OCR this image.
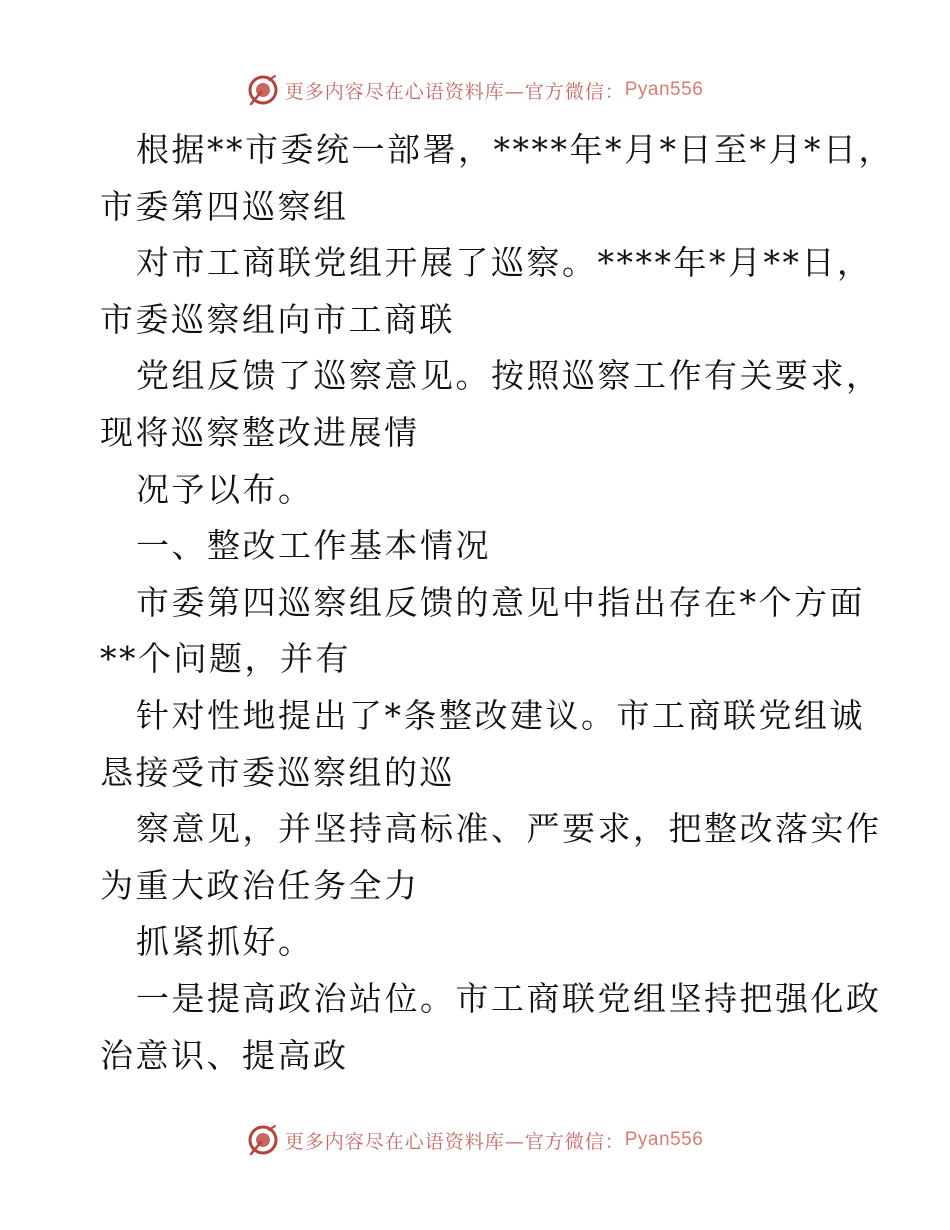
更多内容尽在心语资料库—官方微信： Pyan556
根据**市委统一部署，****年*月*日至*月*日，
市委第四巡察组
对市工商联党组开展了巡察。****年*月**日，
市委巡察组向市工商联
党组反馈了巡察意见。按照巡察工作有关要求，
现将巡察整改进展情
况予以布。
一、整改工作基本情况
市委第四巡察组反馈的意见中指出存在*个方面
**个问题，并有
针对性地提出了*条整改建议。市工商联党组诚
恳接受市委巡察组的巡
察意见，并坚持高标准、严要求，把整改落实作
为重大政治任务全力
抓紧抓好。
一是提高政治站位。市工商联党组坚持把强化政
治意识、提高政
更多内容尽在心语资料库—官方微信： Pyan556
